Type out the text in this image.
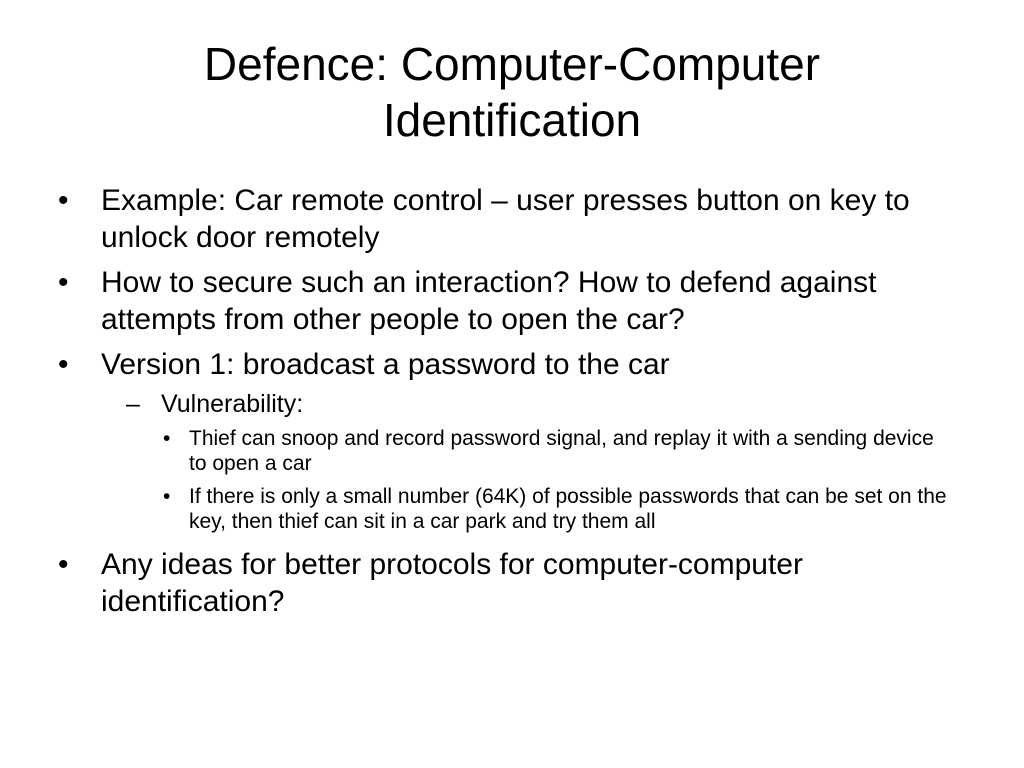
Defence: Computer-Computer
Identification
•	Example: Car remote control – user presses button on key to unlock door remotely
•	How to secure such an interaction? How to defend against attempts from other people to open the car?
•	Version 1: broadcast a password to the car
– Vulnerability:
• Thief can snoop and record password signal, and replay it with a sending device to open a car
• If there is only a small number (64K) of possible passwords that can be set on the key, then thief can sit in a car park and try them all
•	Any ideas for better protocols for computer-computer identification?
